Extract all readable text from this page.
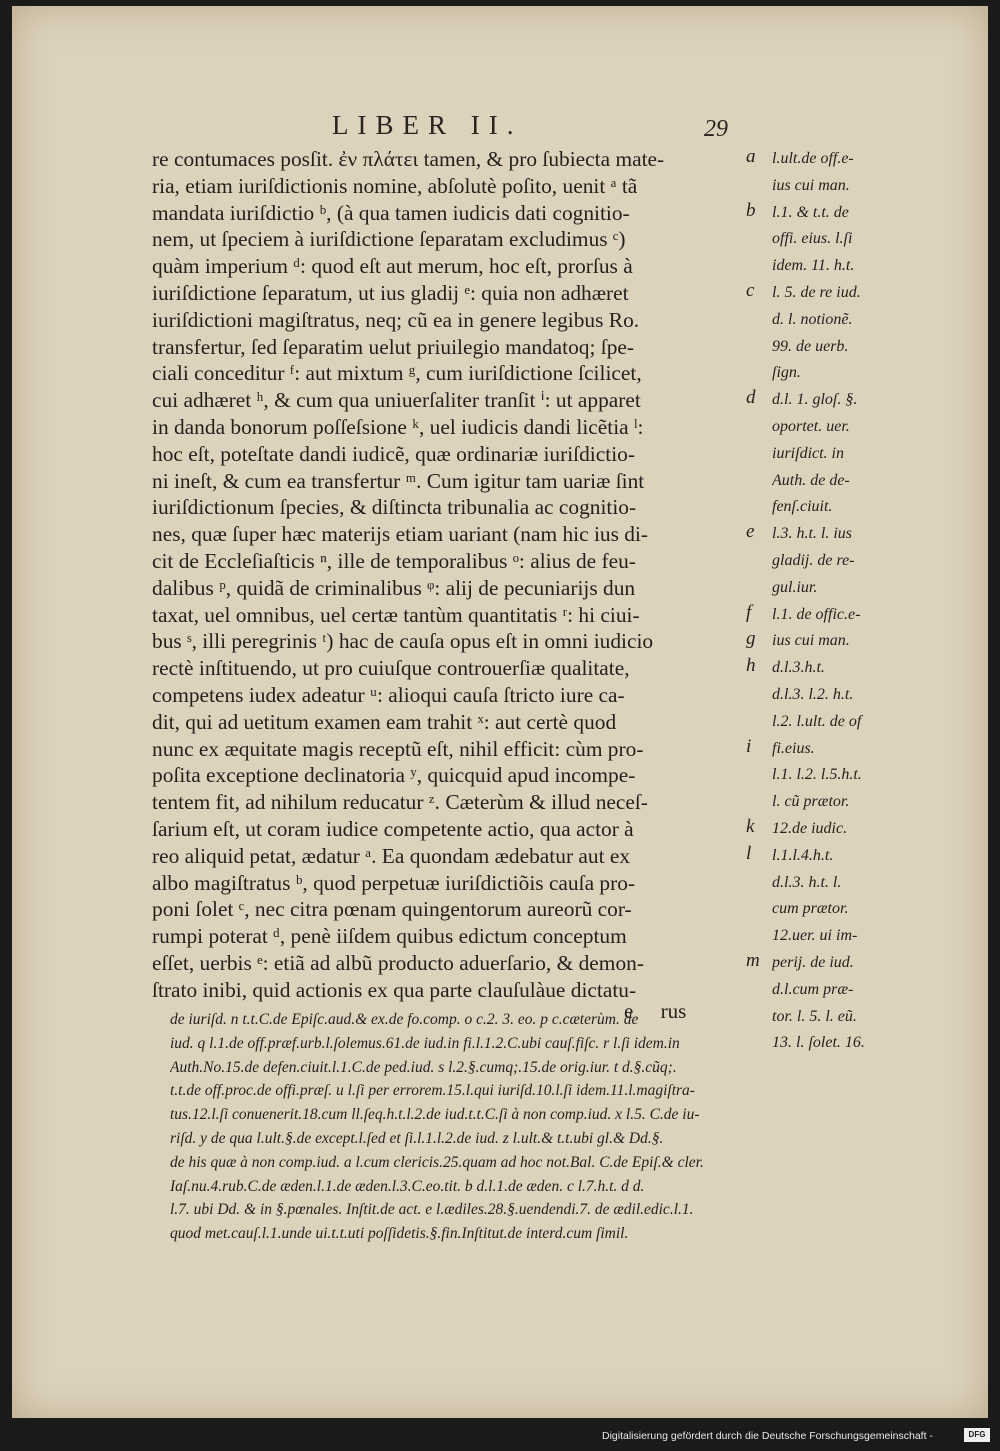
LIBER II.	29
re contumaces posſit. ἐν πλάτει tamen, & pro ſubiecta mate-
ria, etiam iuriſdictionis nomine, abſolutè poſito, uenit ᵃ tã
mandata iuriſdictio ᵇ, (à qua tamen iudicis dati cognitio-
nem, ut ſpeciem à iuriſdictione ſeparatam excludimus ᶜ)
quàm imperium ᵈ: quod eſt aut merum, hoc eſt, prorſus à
iuriſdictione ſeparatum, ut ius gladij ᵉ: quia non adhæret
iuriſdictioni magiſtratus, neq; cũ ea in genere legibus Ro.
transfertur, ſed ſeparatim uelut priuilegio mandatoq; ſpe-
ciali conceditur ᶠ: aut mixtum ᵍ, cum iuriſdictione ſcilicet,
cui adhæret ʰ, & cum qua uniuerſaliter tranſit ⁱ: ut apparet
in danda bonorum poſſeſsione ᵏ, uel iudicis dandi licẽtia ˡ:
hoc eſt, poteſtate dandi iudicẽ, quæ ordinariæ iuriſdictio-
ni ineſt, & cum ea transfertur ᵐ. Cum igitur tam uariæ ſint
iuriſdictionum ſpecies, & diſtincta tribunalia ac cognitio-
nes, quæ ſuper hæc materijs etiam uariant (nam hic ius di-
cit de Eccleſiaſticis ⁿ, ille de temporalibus ᵒ: alius de feu-
dalibus ᵖ, quidã de criminalibus ᵠ: alij de pecuniarijs dun
taxat, uel omnibus, uel certæ tantùm quantitatis ʳ: hi ciui-
bus ˢ, illi peregrinis ᵗ) hac de cauſa opus eſt in omni iudicio
rectè inſtituendo, ut pro cuiuſque controuerſiæ qualitate,
competens iudex adeatur ᵘ: alioqui cauſa ſtricto iure ca-
dit, qui ad uetitum examen eam trahit ˣ: aut certè quod
nunc ex æquitate magis receptũ eſt, nihil efficit: cùm pro-
poſita exceptione declinatoria ʸ, quicquid apud incompe-
tentem fit, ad nihilum reducatur ᶻ. Cæterùm & illud neceſ-
ſarium eſt, ut coram iudice competente actio, qua actor à
reo aliquid petat, ædatur ᵃ. Ea quondam ædebatur aut ex
albo magiſtratus ᵇ, quod perpetuæ iuriſdictiõis cauſa pro-
poni ſolet ᶜ, nec citra pœnam quingentorum aureorũ cor-
rumpi poterat ᵈ, penè iiſdem quibus edictum conceptum
eſſet, uerbis ᵉ: etiã ad albũ producto aduerſario, & demon-
ſtrato inibi, quid actionis ex qua parte clauſulàue dictatu-
a
b
c
d
e
f
g
h
i
k
l
m
l.ult.de off.e-
ius cui man.
l.1. & t.t. de
offi. eius. l.ſi
idem. 11. h.t.
l. 5. de re iud.
d. l. notionẽ.
99. de uerb.
ſign.
d.l. 1. gloſ. §.
oportet. uer.
iuriſdict. in
Auth. de de-
fenſ.ciuit.
l.3. h.t. l. ius
gladij. de re-
gul.iur.
l.1. de offic.e-
ius cui man.
d.l.3.h.t.
d.l.3. l.2. h.t.
l.2. l.ult. de of
fi.eius.
l.1. l.2. l.5.h.t.
l. cũ prætor.
12.de iudic.
l.1.l.4.h.t.
d.l.3. h.t. l.
cum prætor.
12.uer. ui im-
perij. de iud.
d.l.cum præ-
tor. l. 5. l. eũ.
13. l. ſolet. 16.
e rus
de iuriſd. n t.t.C.de Epiſc.aud.& ex.de fo.comp. o c.2. 3. eo. p c.cæterùm. de
iud. q l.1.de off.præf.urb.l.ſolemus.61.de iud.in fi.l.1.2.C.ubi cauſ.fiſc. r l.ſi idem.in
Auth.No.15.de defen.ciuit.l.1.C.de ped.iud. s l.2.§.cumq;.15.de orig.iur. t d.§.cũq;.
t.t.de off.proc.de offi.præſ. u l.ſi per errorem.15.l.qui iuriſd.10.l.ſi idem.11.l.magiſtra-
tus.12.l.ſi conuenerit.18.cum ll.ſeq.h.t.l.2.de iud.t.t.C.ſi à non comp.iud. x l.5. C.de iu-
riſd. y de qua l.ult.§.de except.l.ſed et ſi.l.1.l.2.de iud. z l.ult.& t.t.ubi gl.& Dd.§.
de his quæ à non comp.iud. a l.cum clericis.25.quam ad hoc not.Bal. C.de Epiſ.& cler.
Iaſ.nu.4.rub.C.de æden.l.1.de æden.l.3.C.eo.tit. b d.l.1.de æden. c l.7.h.t. d d.
l.7. ubi Dd. & in §.pœnales. Inſtit.de act. e l.ædiles.28.§.uendendi.7. de ædil.edic.l.1.
quod met.cauſ.l.1.unde ui.t.t.uti poſſidetis.§.fin.Inſtitut.de interd.cum ſimil.
Digitalisierung gefördert durch die Deutsche Forschungsgemeinschaft -	DFG
